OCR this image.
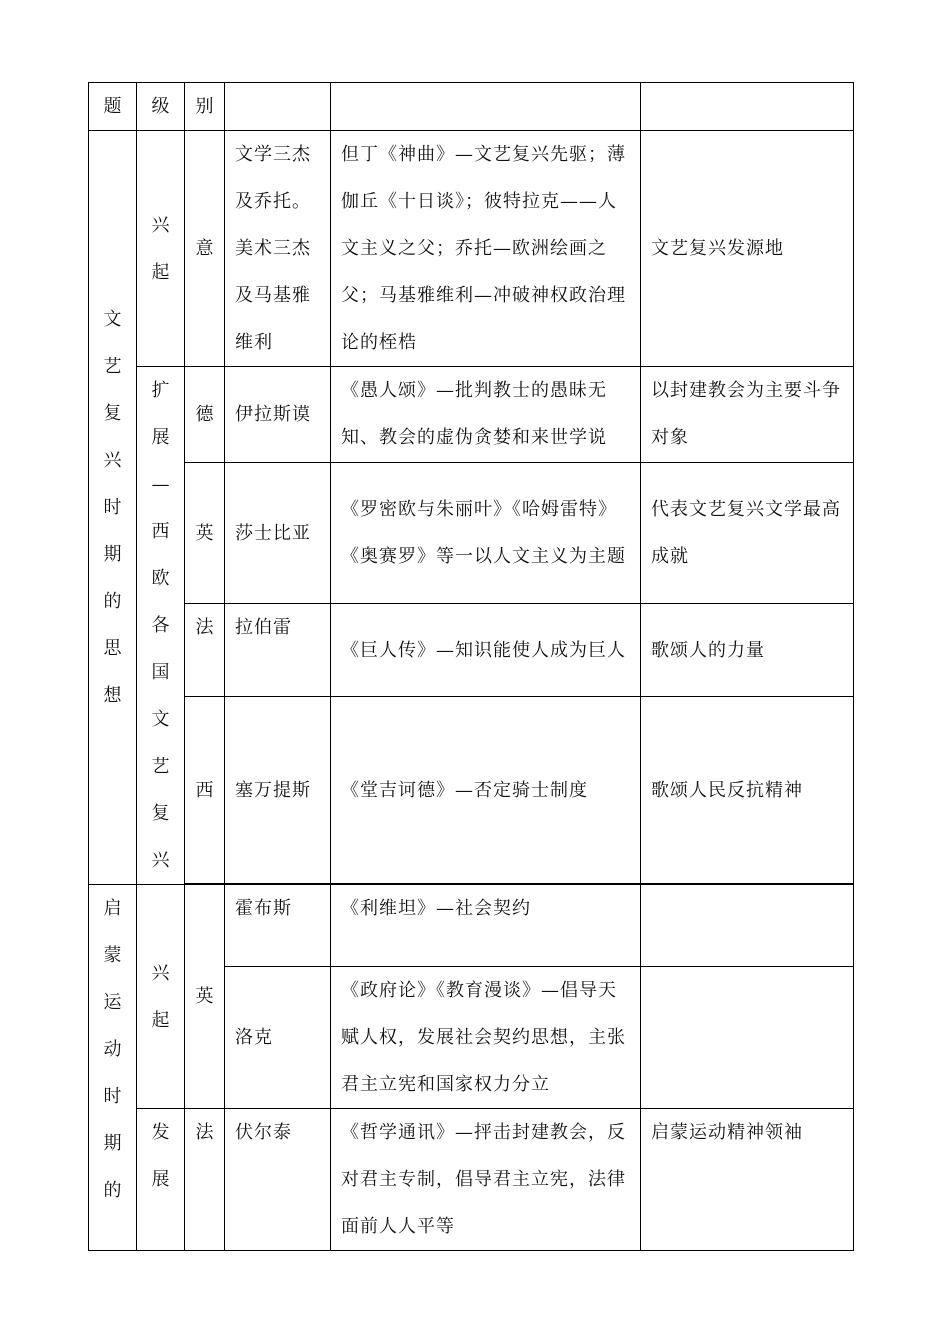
题	级	别			

文艺复兴时期的思想	兴起	意	文学三杰及乔托。美术三杰及马基雅维利	但丁《神曲》—文艺复兴先驱；薄伽丘《十日谈》；彼特拉克——人文主义之父；乔托—欧洲绘画之父；马基雅维利—冲破神权政治理论的桎梏	文艺复兴发源地

	扩展—西欧各国文艺复兴	德	伊拉斯谟	《愚人颂》—批判教士的愚昧无知、教会的虚伪贪婪和来世学说	以封建教会为主要斗争对象
		英	莎士比亚	《罗密欧与朱丽叶》《哈姆雷特》《奥赛罗》等一以人文主义为主题	代表文艺复兴文学最高成就
		法	拉伯雷	《巨人传》—知识能使人成为巨人	歌颂人的力量
		西	塞万提斯	《堂吉诃德》—否定骑士制度	歌颂人民反抗精神

启蒙运动时期的	兴起	英	霍布斯	《利维坦》—社会契约	
			洛克	《政府论》《教育漫谈》—倡导天赋人权，发展社会契约思想，主张君主立宪和国家权力分立	

	发展	法	伏尔泰	《哲学通讯》—抨击封建教会，反对君主专制，倡导君主立宪，法律面前人人平等	启蒙运动精神领袖
